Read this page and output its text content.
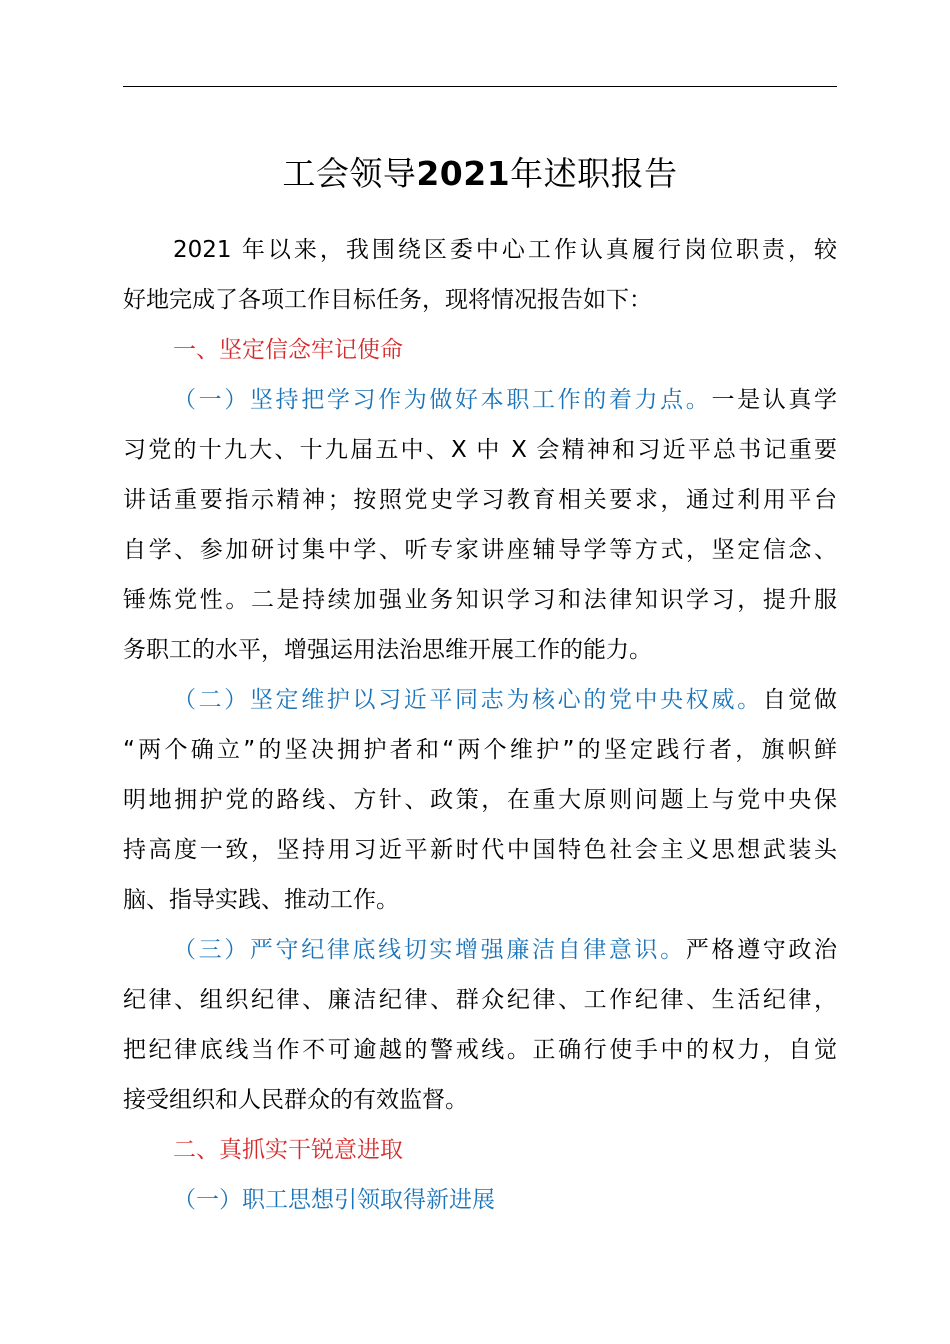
工会领导2021年述职报告
2021 年以来，我围绕区委中心工作认真履行岗位职责，较
好地完成了各项工作目标任务，现将情况报告如下：
一、坚定信念牢记使命
（一）坚持把学习作为做好本职工作的着力点。一是认真学
习党的十九大、十九届五中、X 中 X 会精神和习近平总书记重要
讲话重要指示精神；按照党史学习教育相关要求，通过利用平台
自学、参加研讨集中学、听专家讲座辅导学等方式，坚定信念、
锤炼党性。二是持续加强业务知识学习和法律知识学习，提升服
务职工的水平，增强运用法治思维开展工作的能力。
（二）坚定维护以习近平同志为核心的党中央权威。自觉做
“两个确立”的坚决拥护者和“两个维护”的坚定践行者，旗帜鲜
明地拥护党的路线、方针、政策，在重大原则问题上与党中央保
持高度一致，坚持用习近平新时代中国特色社会主义思想武装头
脑、指导实践、推动工作。
（三）严守纪律底线切实增强廉洁自律意识。严格遵守政治
纪律、组织纪律、廉洁纪律、群众纪律、工作纪律、生活纪律，
把纪律底线当作不可逾越的警戒线。正确行使手中的权力，自觉
接受组织和人民群众的有效监督。
二、真抓实干锐意进取
（一）职工思想引领取得新进展
